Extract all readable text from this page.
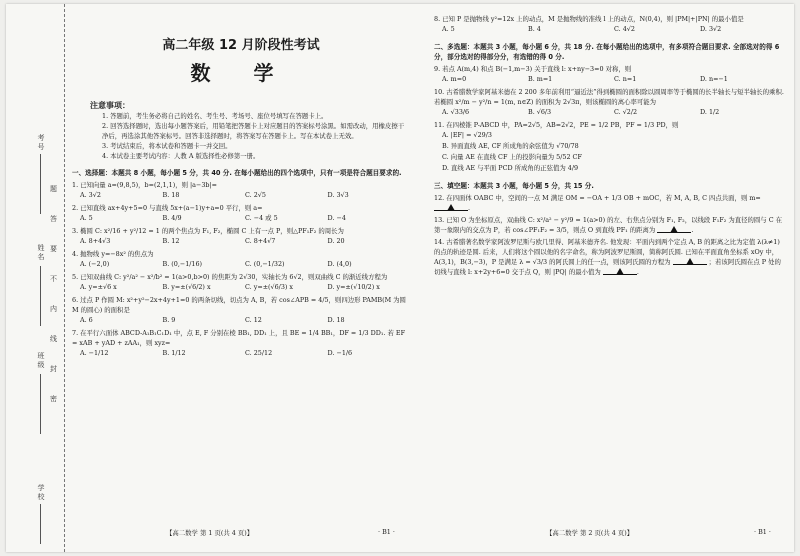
考号
姓名
班级
学校
题
答
要
不
内
线
封
密
高二年级 12 月阶段性考试
数 学
注意事项：
1. 答题前，考生务必将自己的姓名、考生号、考场号、座位号填写在答题卡上。
2. 回答选择题时，选出每小题答案后，用铅笔把答题卡上对应题目的答案标号涂黑。如需改动，用橡皮擦干净后，再选涂其他答案标号。回答非选择题时，将答案写在答题卡上。写在本试卷上无效。
3. 考试结束后，将本试卷和答题卡一并交回。
4. 本试卷主要考试内容：人教 A 版选择性必修第一册。
一、选择题：本题共 8 小题，每小题 5 分，共 40 分. 在每小题给出的四个选项中，只有一项是符合题目要求的.
1. 已知向量 a=(9,8,5)，b=(2,1,1)，则 |a−3b|=
A. 3√2	B. 18	C. 2√5	D. 3√3
2. 已知直线 ax+4y+5=0 与直线 5x+(a−1)y+a=0 平行，则 a=
A. 5	B. 4/9	C. −4 或 5	D. −4
3. 椭圆 C: x²/16 + y²/12 = 1 的两个焦点为 F₁, F₂，椭圆 C 上有一点 P，则△PF₁F₂ 的周长为
A. 8+4√3	B. 12	C. 8+4√7	D. 20
4. 抛物线 y=−8x² 的焦点为
A. (−2,0)	B. (0,−1/16)	C. (0,−1/32)	D. (4,0)
5. 已知双曲线 C: y²/a² − x²/b² = 1(a>0,b>0) 的焦距为 2√30，实轴长为 6√2，则双曲线 C 的渐近线方程为
A. y=±√6 x	B. y=±(√6/2) x	C. y=±(√6/3) x	D. y=±(√10/2) x
6. 过点 P 作圆 M: x²+y²−2x+4y+1=0 的两条切线，切点为 A, B，若 cos∠APB = 4/5，则四边形 PAMB(M 为圆 M 的圆心) 的面积是
A. 6	B. 9	C. 12	D. 18
7. 在平行六面体 ABCD-A₁B₁C₁D₁ 中，点 E, F 分别在棱 BB₁, DD₁ 上，且 BE = 1/4 BB₁，DF = 1/3 DD₁. 若 EF = xAB + yAD + zAA₁，则 xyz=
A. −1/12	B. 1/12	C. 25/12	D. −1/6
8. 已知 P 是抛物线 y²=12x 上的动点，M 是抛物线的准线 l 上的动点，N(0,4)，则 |PM|+|PN| 的最小值是
A. 5	B. 4	C. 4√2	D. 3√2
二、多选题：本题共 3 小题，每小题 6 分，共 18 分. 在每小题给出的选项中，有多项符合题目要求. 全部选对的得 6 分，部分选对的得部分分，有选错的得 0 分.
9. 若点 A(m,4) 和点 B(−1,m−3) 关于直线 l: x+ny−3=0 对称，则
A. m=0	B. m=1	C. n=1	D. n=−1
10. 古希腊数学家阿基米德在 2 200 多年前利用“逼近法”得到椭圆的面积除以圆周率等于椭圆的长半轴长与短半轴长的乘积. 若椭圆 x²/m − y²/n = 1(m, n∈Z) 的面积为 2√3π，则该椭圆的离心率可能为
A. √33/6	B. √6/3	C. √2/2	D. 1/2
11. 在四棱锥 P-ABCD 中，PA=2√5，AB=2√2，PE = 1/2 PB，PF = 1/3 PD，则
A. |EF| = √29/3
B. 异面直线 AE, CF 所成角的余弦值为 √70/78
C. 向量 AE 在直线 CF 上的投影向量为 5/52 CF
D. 直线 AE 与平面 PCD 所成角的正弦值为 4/9
三、填空题：本题共 3 小题，每小题 5 分，共 15 分.
12. 在四面体 OABC 中，空间的一点 M 满足 OM = −OA + 1/3 OB + mOC，若 M, A, B, C 四点共面，则 m= .
13. 已知 O 为坐标原点，双曲线 C: x²/a² − y²/9 = 1(a>0) 的左、右焦点分别为 F₁, F₂，以线段 F₁F₂ 为直径的圆与 C 在第一象限内的交点为 P，若 cos∠PF₁F₂ = 3/5，则点 O 到直线 PF₁ 的距离为	.
14. 古希腊著名数学家阿波罗尼斯与欧几里得、阿基米德齐名. 他发现：平面内到两个定点 A, B 的距离之比为定值 λ(λ≠1) 的点的轨迹是圆. 后来，人们将这个圆以他的名字命名，称为阿波罗尼斯圆，简称阿氏圆. 已知在平面直角坐标系 xOy 中，A(3,1)，B(3,−3)，P 是满足 λ = √3/3 的阿氏圆上的任一点，则该阿氏圆的方程为	；若该阿氏圆在点 P 处的切线与直线 l: x+2y+6=0 交于点 Q，则 |PQ| 的最小值为	.
【高二数学 第 1 页(共 4 页)】	· B1 ·	【高二数学 第 2 页(共 4 页)】	· B1 ·
